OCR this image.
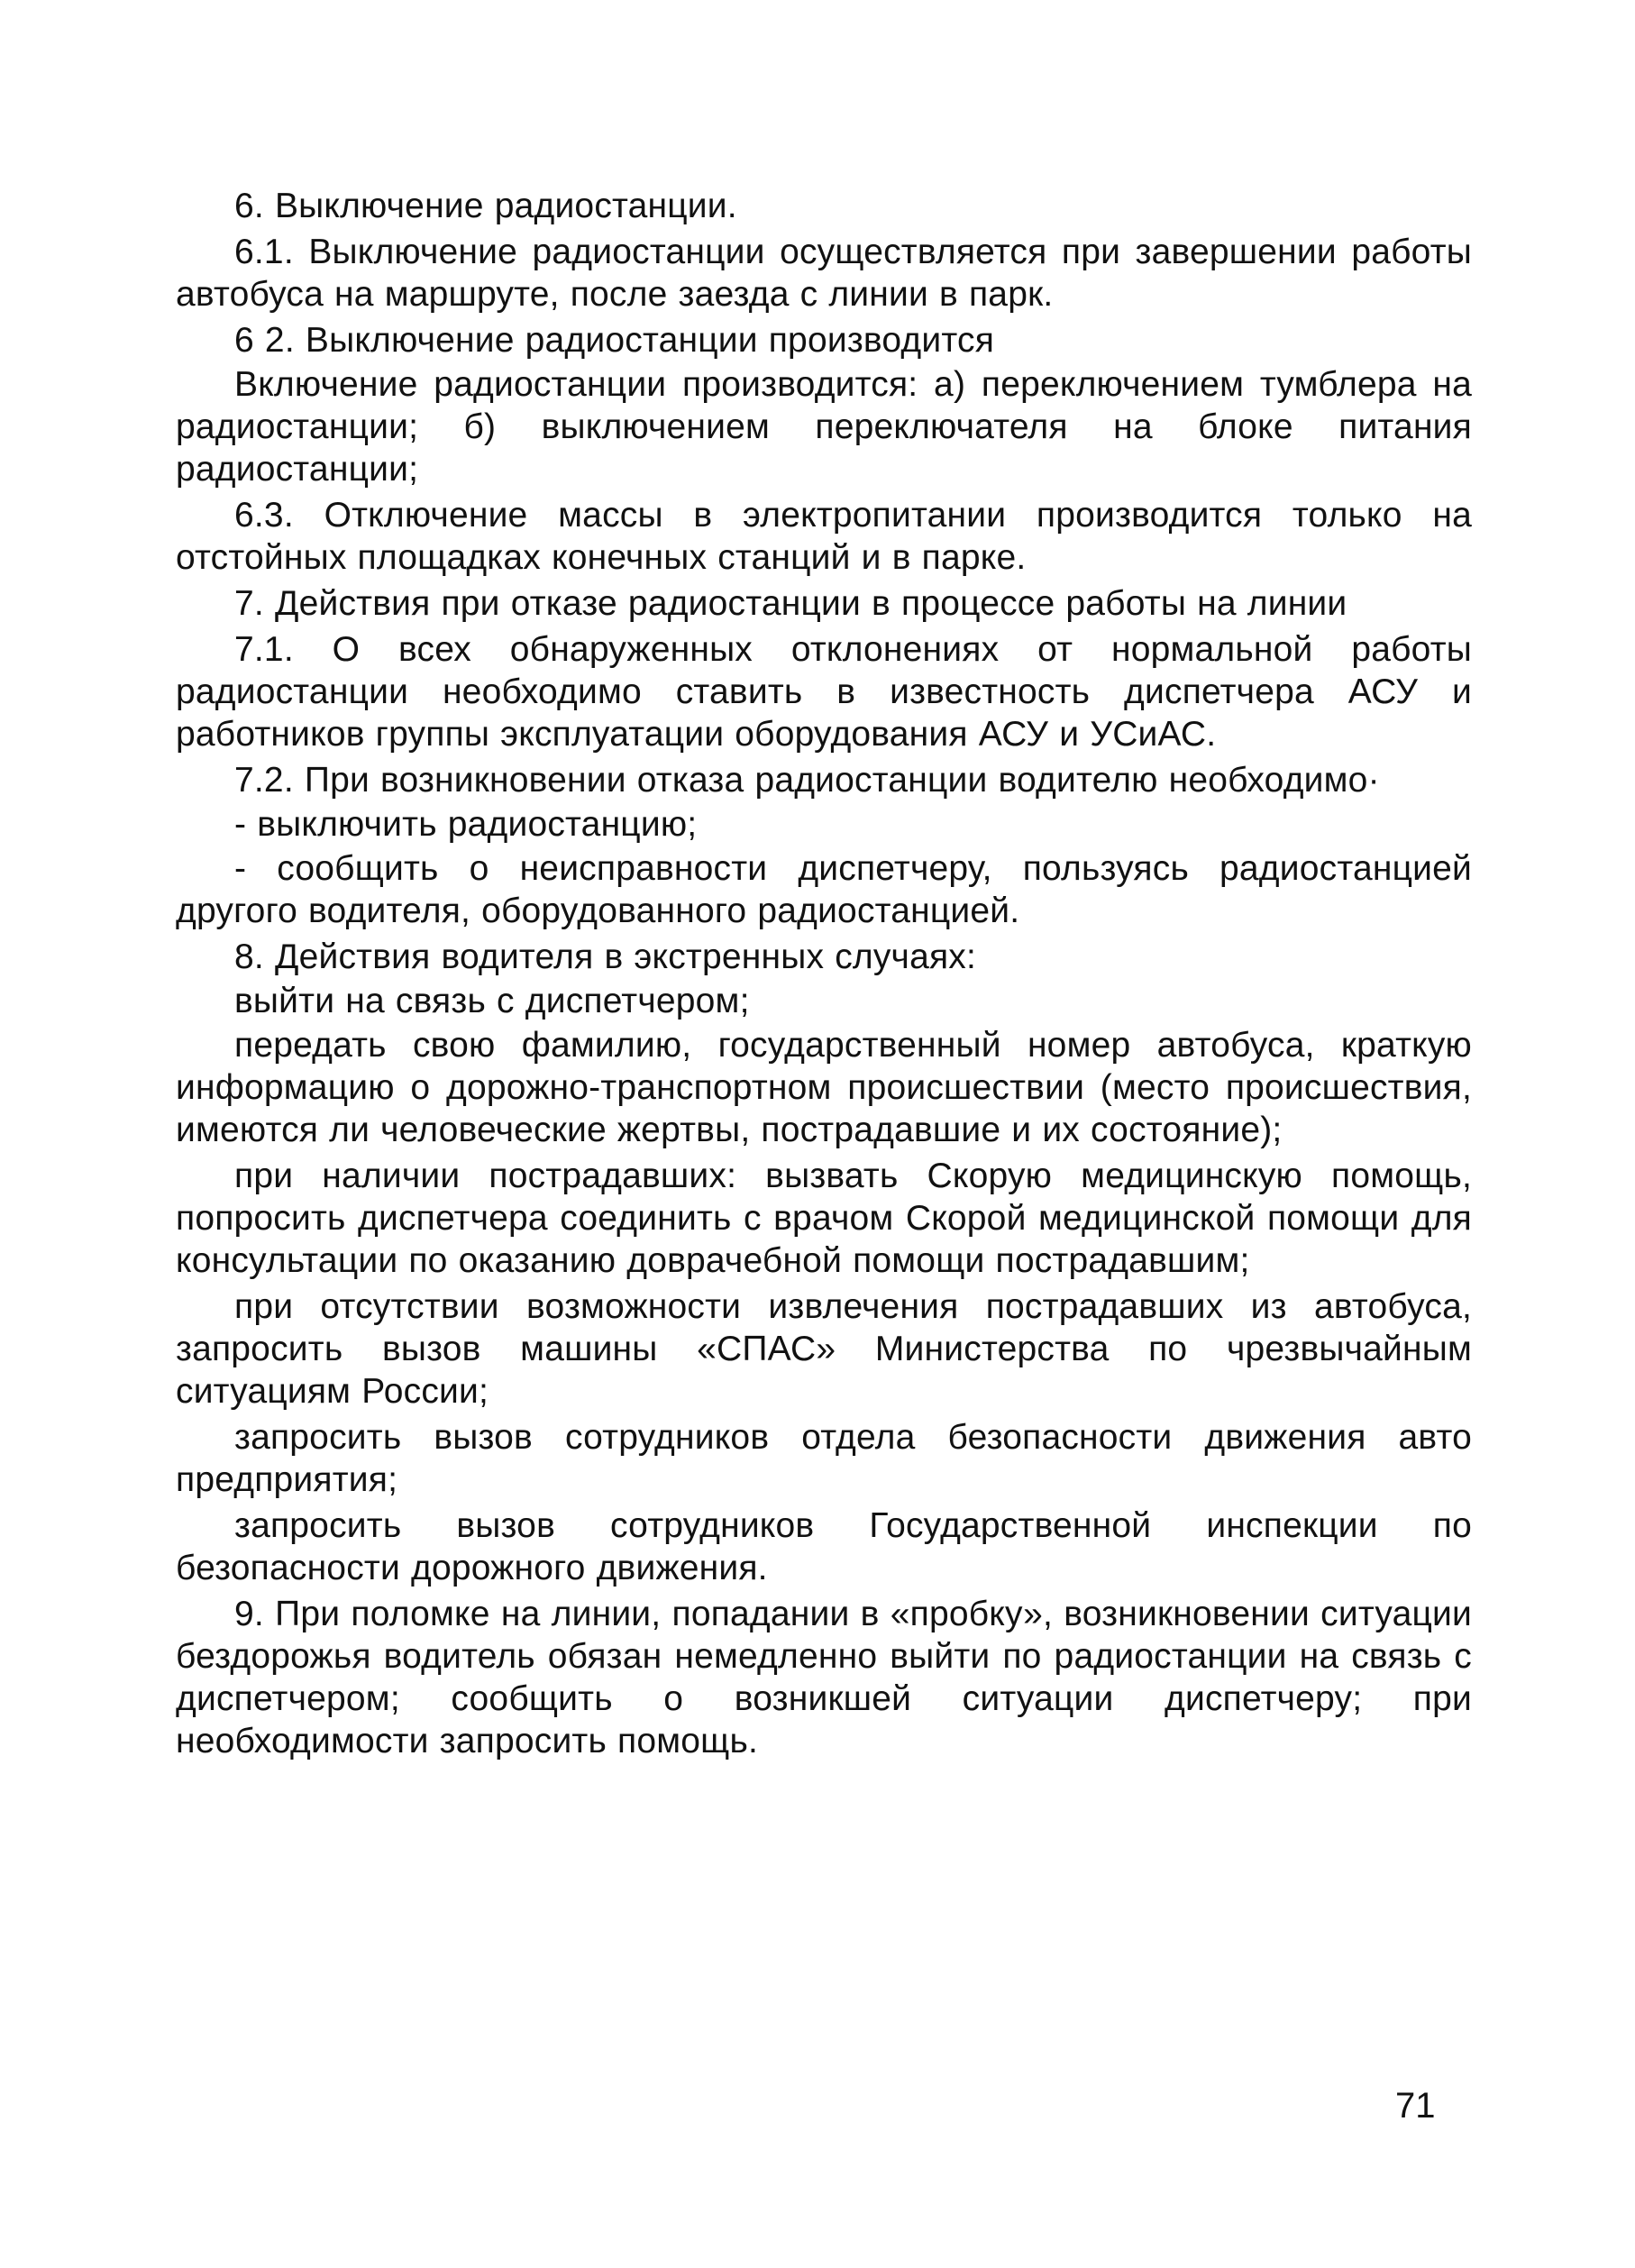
6. Выключение радиостанции.

6.1. Выключение радиостанции осуществляется при завершении работы автобуса на маршруте, после заезда с линии в парк.

6 2. Выключение радиостанции производится

Включение радиостанции производится: а) переключением тумблера на радиостанции; б) выключением переключателя на блоке питания радиостанции;

6.3. Отключение массы в электропитании производится только на отстойных площадках конечных станций и в парке.

7. Действия при отказе радиостанции в процессе работы на линии

7.1. О всех обнаруженных отклонениях от нормальной работы радиостанции необходимо ставить в известность диспетчера АСУ и работников группы эксплуатации оборудования АСУ и УСиАС.

7.2. При возникновении отказа радиостанции водителю необходимо·

- выключить радиостанцию;

- сообщить о неисправности диспетчеру, пользуясь радиостанцией другого водителя, оборудованного радиостанцией.

8. Действия водителя в экстренных случаях:

выйти на связь с диспетчером;

передать свою фамилию, государственный номер автобуса, краткую информацию о дорожно-транспортном происшествии (место происшествия, имеются ли человеческие жертвы, пострадавшие и их состояние);

при наличии пострадавших: вызвать Скорую медицинскую помощь, попросить диспетчера соединить с врачом Скорой медицинской помощи для консультации по оказанию доврачебной помощи пострадавшим;

при отсутствии возможности извлечения пострадавших из автобуса, запросить вызов машины «СПАС» Министерства по чрезвычайным ситуациям России;

запросить вызов сотрудников отдела безопасности движения авто предприятия;

запросить вызов сотрудников Государственной инспекции по безопасности дорожного движения.

9. При поломке на линии, попадании в «пробку», возникновении ситуации бездорожья водитель обязан немедленно выйти по радиостанции на связь с диспетчером; сообщить о возникшей ситуации диспетчеру; при необходимости запросить помощь.

71
